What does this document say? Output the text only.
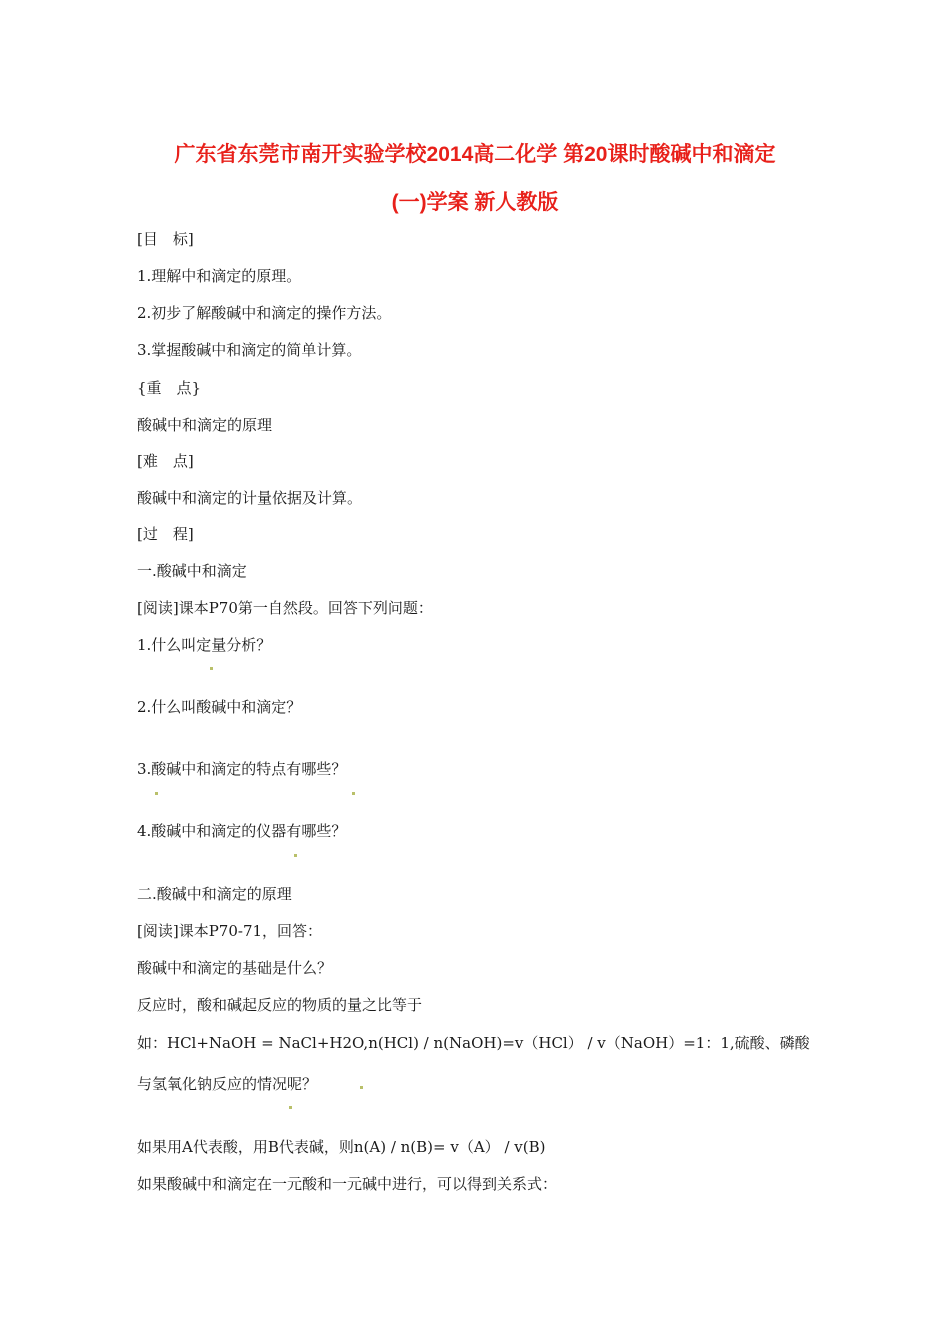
广东省东莞市南开实验学校2014高二化学 第20课时酸碱中和滴定
(一)学案 新人教版
[目　标]
1.理解中和滴定的原理。
2.初步了解酸碱中和滴定的操作方法。
3.掌握酸碱中和滴定的简单计算。
{重　点}
酸碱中和滴定的原理
[难　点]
酸碱中和滴定的计量依据及计算。
[过　程]
一.酸碱中和滴定
[阅读]课本P70第一自然段。回答下列问题：
1.什么叫定量分析？
2.什么叫酸碱中和滴定？
3.酸碱中和滴定的特点有哪些？
4.酸碱中和滴定的仪器有哪些？
二.酸碱中和滴定的原理
[阅读]课本P70-71，回答：
酸碱中和滴定的基础是什么？
反应时，酸和碱起反应的物质的量之比等于
如：HCl+NaOH = NaCl+H2O,n(HCl) / n(NaOH)=v（HCl） / v（NaOH）=1：1,硫酸、磷酸
与氢氧化钠反应的情况呢？
如果用A代表酸，用B代表碱，则n(A) / n(B)= v（A） / v(B)
如果酸碱中和滴定在一元酸和一元碱中进行，可以得到关系式：
